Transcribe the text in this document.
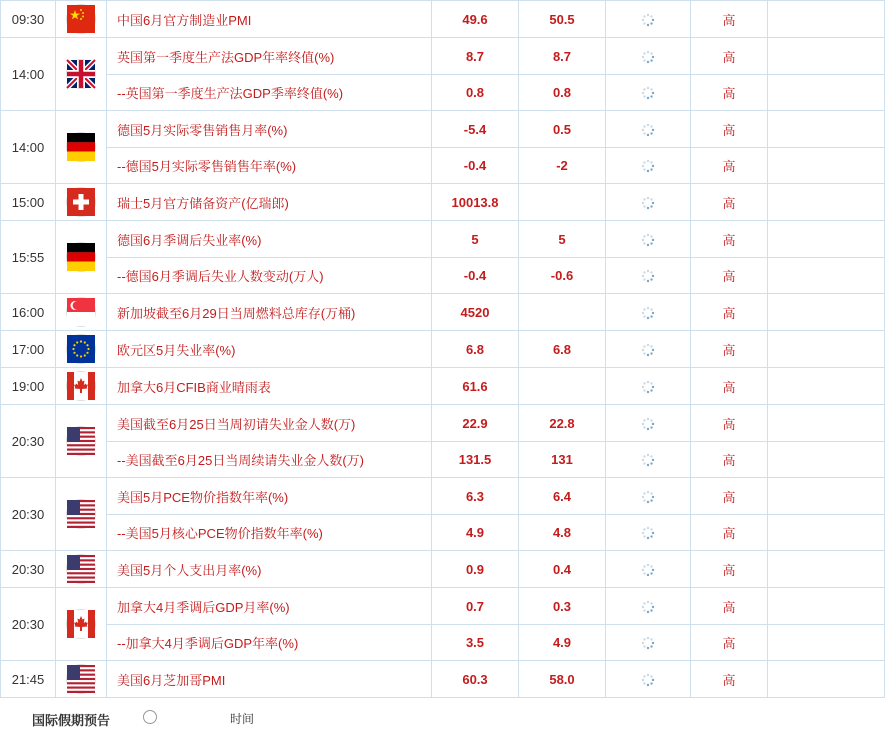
09:30		中国6月官方制造业PMI	49.6	50.5		高	
14:00		英国第一季度生产法GDP年率终值(%)	8.7	8.7		高	
		--英国第一季度生产法GDP季率终值(%)	0.8	0.8		高	
14:00		德国5月实际零售销售月率(%)	-5.4	0.5		高	
		--德国5月实际零售销售年率(%)	-0.4	-2		高	
15:00		瑞士5月官方储备资产(亿瑞郎)	10013.8			高	
15:55		德国6月季调后失业率(%)	5	5		高	
		--德国6月季调后失业人数变动(万人)	-0.4	-0.6		高	
16:00		新加坡截至6月29日当周燃料总库存(万桶)	4520			高	
17:00		欧元区5月失业率(%)	6.8	6.8		高	
19:00		加拿大6月CFIB商业晴雨表	61.6			高	
20:30		美国截至6月25日当周初请失业金人数(万)	22.9	22.8		高	
		--美国截至6月25日当周续请失业金人数(万)	131.5	131		高	
20:30		美国5月PCE物价指数年率(%)	6.3	6.4		高	
		--美国5月核心PCE物价指数年率(%)	4.9	4.8		高	
20:30		美国5月个人支出月率(%)	0.9	0.4		高	
20:30		加拿大4月季调后GDP月率(%)	0.7	0.3		高	
		--加拿大4月季调后GDP年率(%)	3.5	4.9		高	
21:45		美国6月芝加哥PMI	60.3	58.0		高	
国际假期预告	时间
